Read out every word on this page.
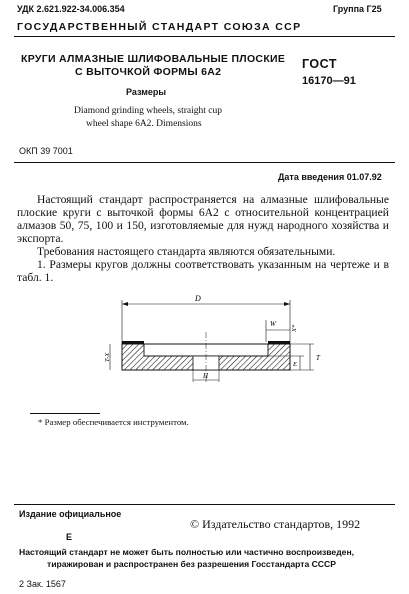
УДК 2.621.922-34.006.354	Группа Г25
ГОСУДАРСТВЕННЫЙ СТАНДАРТ СОЮЗА ССР
КРУГИ АЛМАЗНЫЕ ШЛИФОВАЛЬНЫЕ ПЛОСКИЕ
С ВЫТОЧКОЙ ФОРМЫ 6А2
Размеры
Diamond grinding wheels, straight cup
wheel shape 6A2. Dimensions
ГОСТ
16170—91
ОКП 39 7001
Дата введения 01.07.92
Настоящий стандарт распространяется на алмазные шлифовальные плоские круги с выточкой формы 6А2 с относительной концентрацией алмазов 50, 75, 100 и 150, изготовляемые для нужд народного хозяйства и экспорта.
Требования настоящего стандарта являются обязательными.
1. Размеры кругов должны соответствовать указанным на чертеже и в табл. 1.
D
W
X*
T-X	T
E
H
* Размер обеспечивается инструментом.
Издание официальное
© Издательство стандартов, 1992
Е
Настоящий стандарт не может быть полностью или частично воспроизведен,
тиражирован и распространен без разрешения Госстандарта СССР
2 Зак. 1567
